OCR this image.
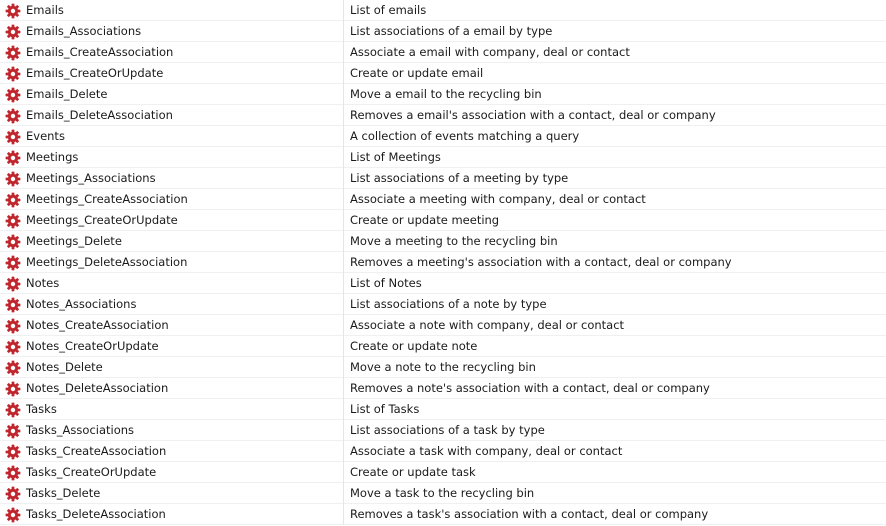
Emails	List of emails
Emails_Associations	List associations of a email by type
Emails_CreateAssociation	Associate a email with company, deal or contact
Emails_CreateOrUpdate	Create or update email
Emails_Delete	Move a email to the recycling bin
Emails_DeleteAssociation	Removes a email's association with a contact, deal or company
Events	A collection of events matching a query
Meetings	List of Meetings
Meetings_Associations	List associations of a meeting by type
Meetings_CreateAssociation	Associate a meeting with company, deal or contact
Meetings_CreateOrUpdate	Create or update meeting
Meetings_Delete	Move a meeting to the recycling bin
Meetings_DeleteAssociation	Removes a meeting's association with a contact, deal or company
Notes	List of Notes
Notes_Associations	List associations of a note by type
Notes_CreateAssociation	Associate a note with company, deal or contact
Notes_CreateOrUpdate	Create or update note
Notes_Delete	Move a note to the recycling bin
Notes_DeleteAssociation	Removes a note's association with a contact, deal or company
Tasks	List of Tasks
Tasks_Associations	List associations of a task by type
Tasks_CreateAssociation	Associate a task with company, deal or contact
Tasks_CreateOrUpdate	Create or update task
Tasks_Delete	Move a task to the recycling bin
Tasks_DeleteAssociation	Removes a task's association with a contact, deal or company
